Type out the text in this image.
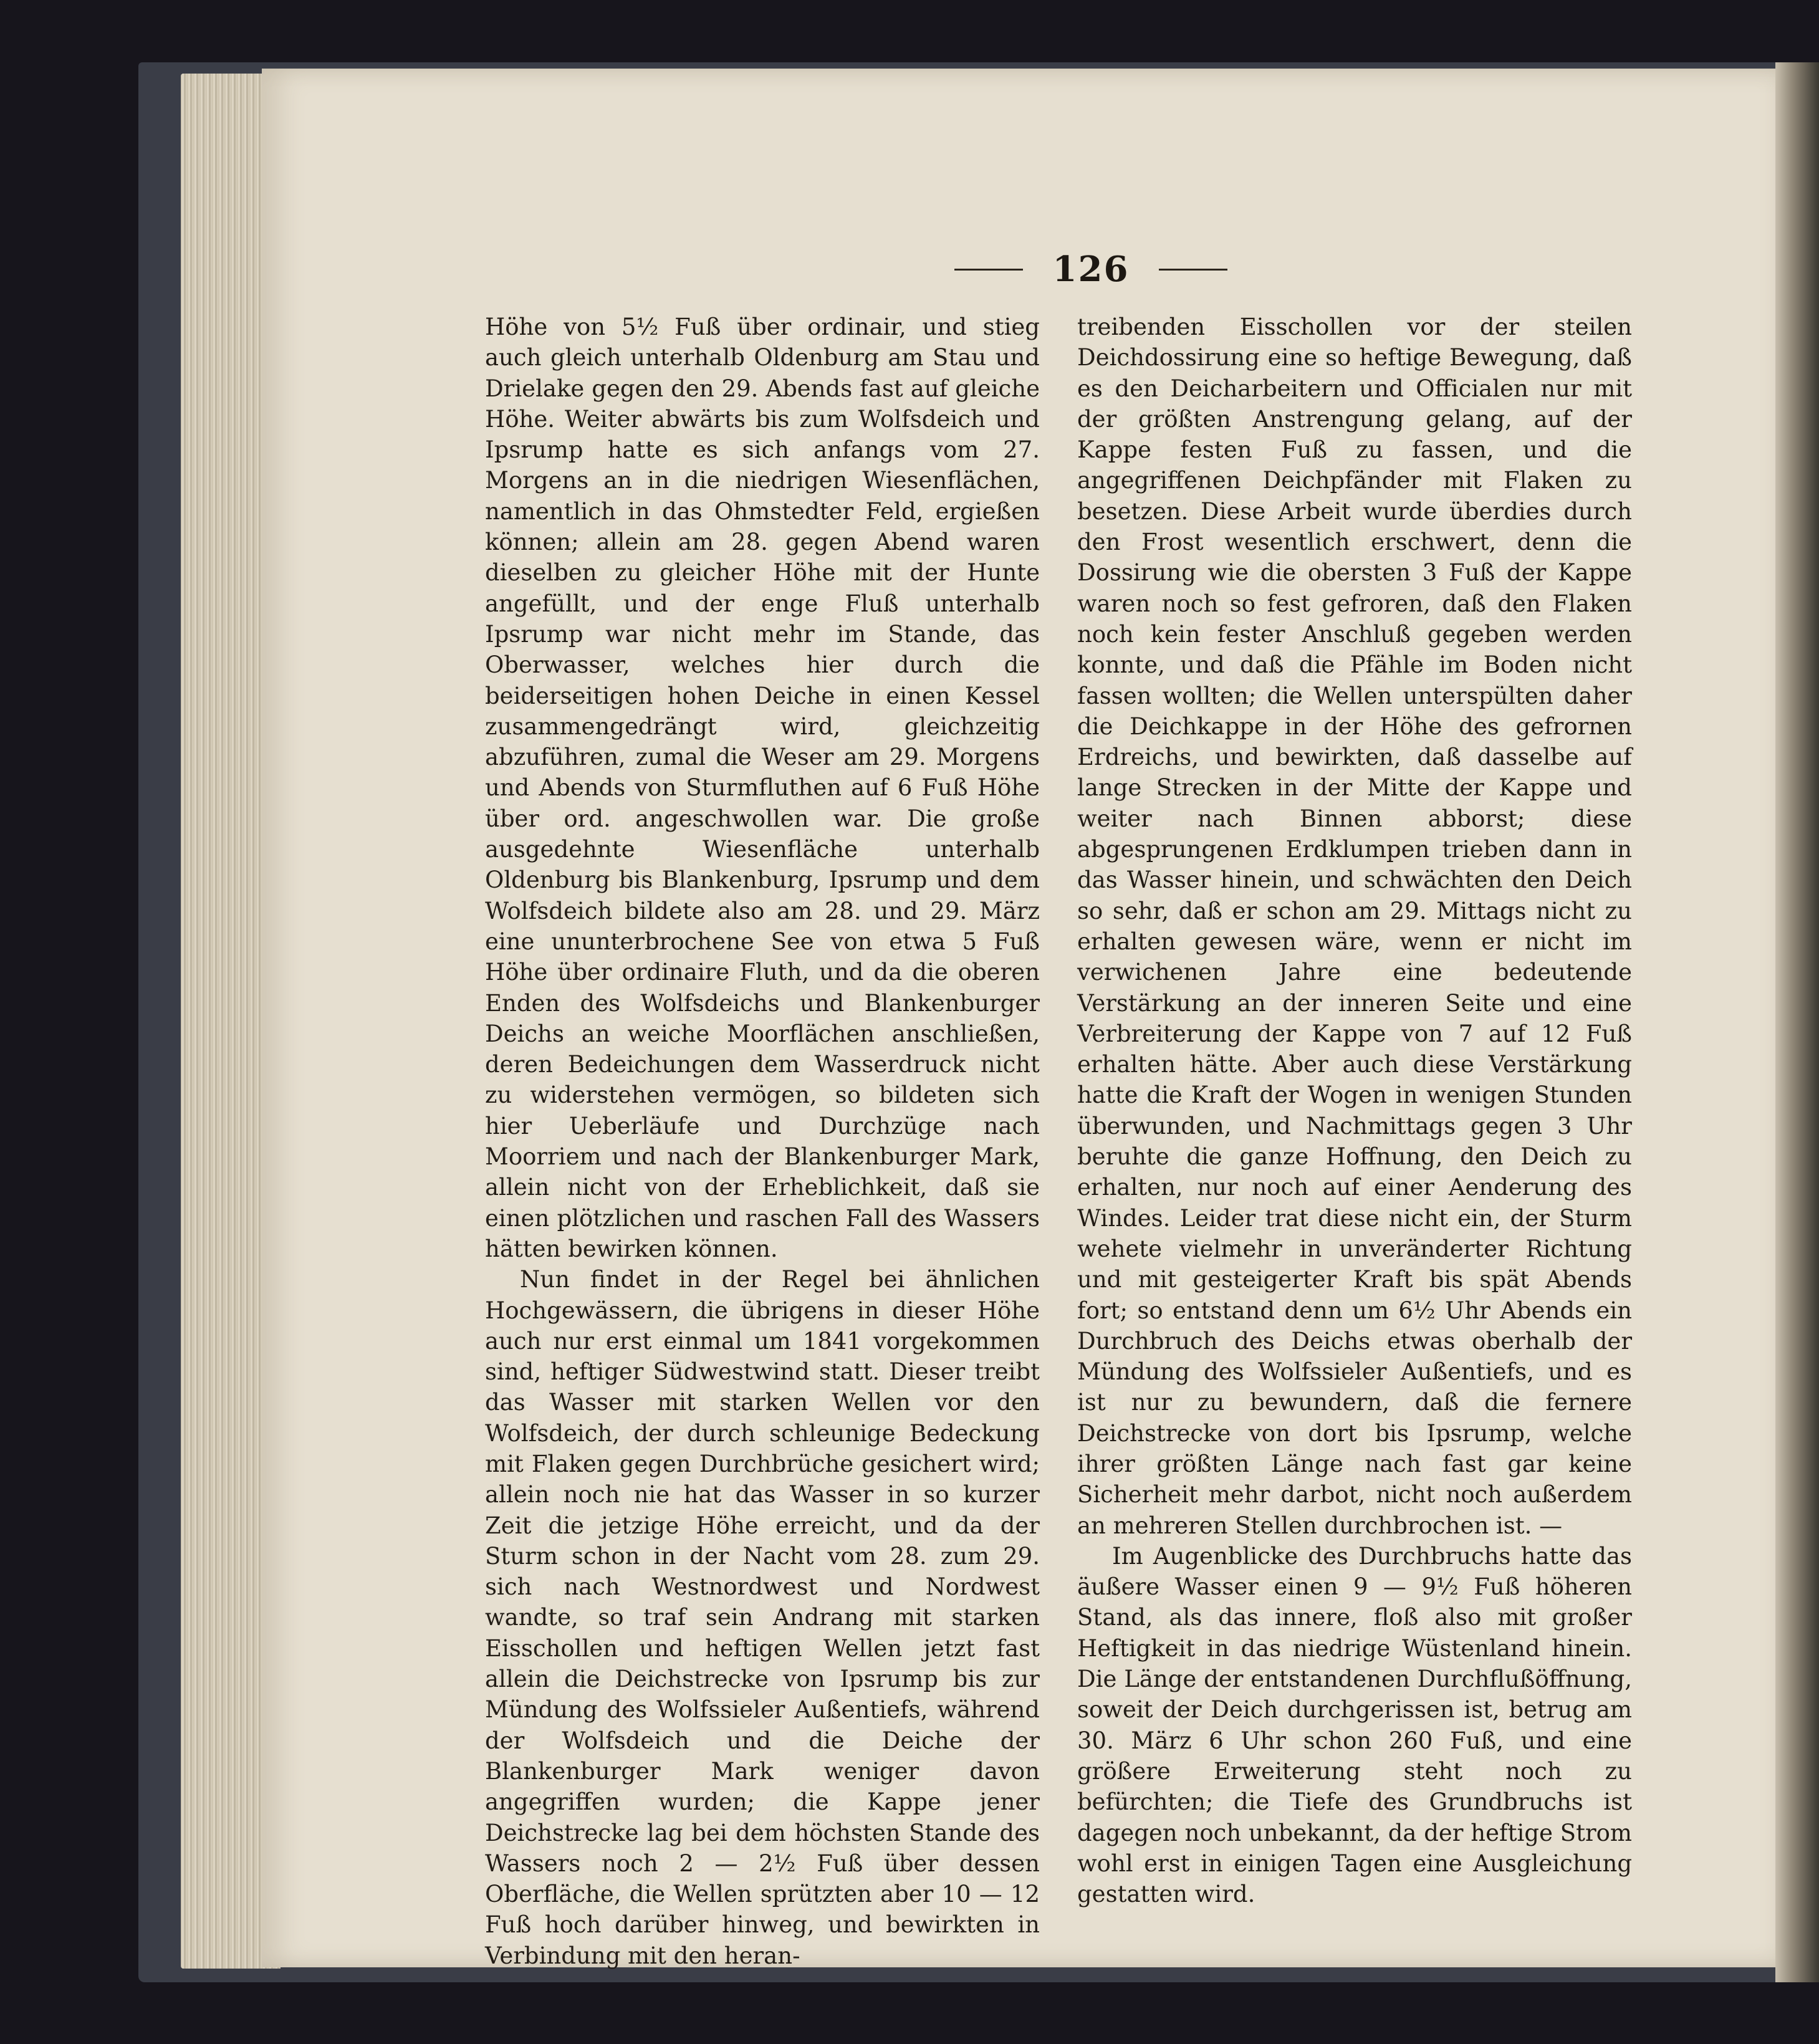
126

Höhe von 5½ Fuß über ordinair, und stieg auch gleich unterhalb Oldenburg am Stau und Drielake gegen den 29. Abends fast auf gleiche Höhe. Weiter abwärts bis zum Wolfsdeich und Ipsrump hatte es sich anfangs vom 27. Morgens an in die niedrigen Wiesenflächen, namentlich in das Ohmstedter Feld, ergießen können; allein am 28. gegen Abend waren dieselben zu gleicher Höhe mit der Hunte angefüllt, und der enge Fluß unterhalb Ipsrump war nicht mehr im Stande, das Oberwasser, welches hier durch die beiderseitigen hohen Deiche in einen Kessel zusammengedrängt wird, gleichzeitig abzuführen, zumal die Weser am 29. Morgens und Abends von Sturmfluthen auf 6 Fuß Höhe über ord. angeschwollen war. Die große ausgedehnte Wiesenfläche unterhalb Oldenburg bis Blankenburg, Ipsrump und dem Wolfsdeich bildete also am 28. und 29. März eine ununterbrochene See von etwa 5 Fuß Höhe über ordinaire Fluth, und da die oberen Enden des Wolfsdeichs und Blankenburger Deichs an weiche Moorflächen anschließen, deren Bedeichungen dem Wasserdruck nicht zu widerstehen vermögen, so bildeten sich hier Ueberläufe und Durchzüge nach Moorriem und nach der Blankenburger Mark, allein nicht von der Erheblichkeit, daß sie einen plötzlichen und raschen Fall des Wassers hätten bewirken können.

Nun findet in der Regel bei ähnlichen Hochgewässern, die übrigens in dieser Höhe auch nur erst einmal um 1841 vorgekommen sind, heftiger Südwestwind statt. Dieser treibt das Wasser mit starken Wellen vor den Wolfsdeich, der durch schleunige Bedeckung mit Flaken gegen Durchbrüche gesichert wird; allein noch nie hat das Wasser in so kurzer Zeit die jetzige Höhe erreicht, und da der Sturm schon in der Nacht vom 28. zum 29. sich nach Westnordwest und Nordwest wandte, so traf sein Andrang mit starken Eisschollen und heftigen Wellen jetzt fast allein die Deichstrecke von Ipsrump bis zur Mündung des Wolfssieler Außentiefs, während der Wolfsdeich und die Deiche der Blankenburger Mark weniger davon angegriffen wurden; die Kappe jener Deichstrecke lag bei dem höchsten Stande des Wassers noch 2 — 2½ Fuß über dessen Oberfläche, die Wellen sprützten aber 10 — 12 Fuß hoch darüber hinweg, und bewirkten in Verbindung mit den heran-

treibenden Eisschollen vor der steilen Deichdossirung eine so heftige Bewegung, daß es den Deicharbeitern und Officialen nur mit der größten Anstrengung gelang, auf der Kappe festen Fuß zu fassen, und die angegriffenen Deichpfänder mit Flaken zu besetzen. Diese Arbeit wurde überdies durch den Frost wesentlich erschwert, denn die Dossirung wie die obersten 3 Fuß der Kappe waren noch so fest gefroren, daß den Flaken noch kein fester Anschluß gegeben werden konnte, und daß die Pfähle im Boden nicht fassen wollten; die Wellen unterspülten daher die Deichkappe in der Höhe des gefrornen Erdreichs, und bewirkten, daß dasselbe auf lange Strecken in der Mitte der Kappe und weiter nach Binnen abborst; diese abgesprungenen Erdklumpen trieben dann in das Wasser hinein, und schwächten den Deich so sehr, daß er schon am 29. Mittags nicht zu erhalten gewesen wäre, wenn er nicht im verwichenen Jahre eine bedeutende Verstärkung an der inneren Seite und eine Verbreiterung der Kappe von 7 auf 12 Fuß erhalten hätte. Aber auch diese Verstärkung hatte die Kraft der Wogen in wenigen Stunden überwunden, und Nachmittags gegen 3 Uhr beruhte die ganze Hoffnung, den Deich zu erhalten, nur noch auf einer Aenderung des Windes. Leider trat diese nicht ein, der Sturm wehete vielmehr in unveränderter Richtung und mit gesteigerter Kraft bis spät Abends fort; so entstand denn um 6½ Uhr Abends ein Durchbruch des Deichs etwas oberhalb der Mündung des Wolfssieler Außentiefs, und es ist nur zu bewundern, daß die fernere Deichstrecke von dort bis Ipsrump, welche ihrer größten Länge nach fast gar keine Sicherheit mehr darbot, nicht noch außerdem an mehreren Stellen durchbrochen ist. —

Im Augenblicke des Durchbruchs hatte das äußere Wasser einen 9 — 9½ Fuß höheren Stand, als das innere, floß also mit großer Heftigkeit in das niedrige Wüstenland hinein. Die Länge der entstandenen Durchflußöffnung, soweit der Deich durchgerissen ist, betrug am 30. März 6 Uhr schon 260 Fuß, und eine größere Erweiterung steht noch zu befürchten; die Tiefe des Grundbruchs ist dagegen noch unbekannt, da der heftige Strom wohl erst in einigen Tagen eine Ausgleichung gestatten wird.
